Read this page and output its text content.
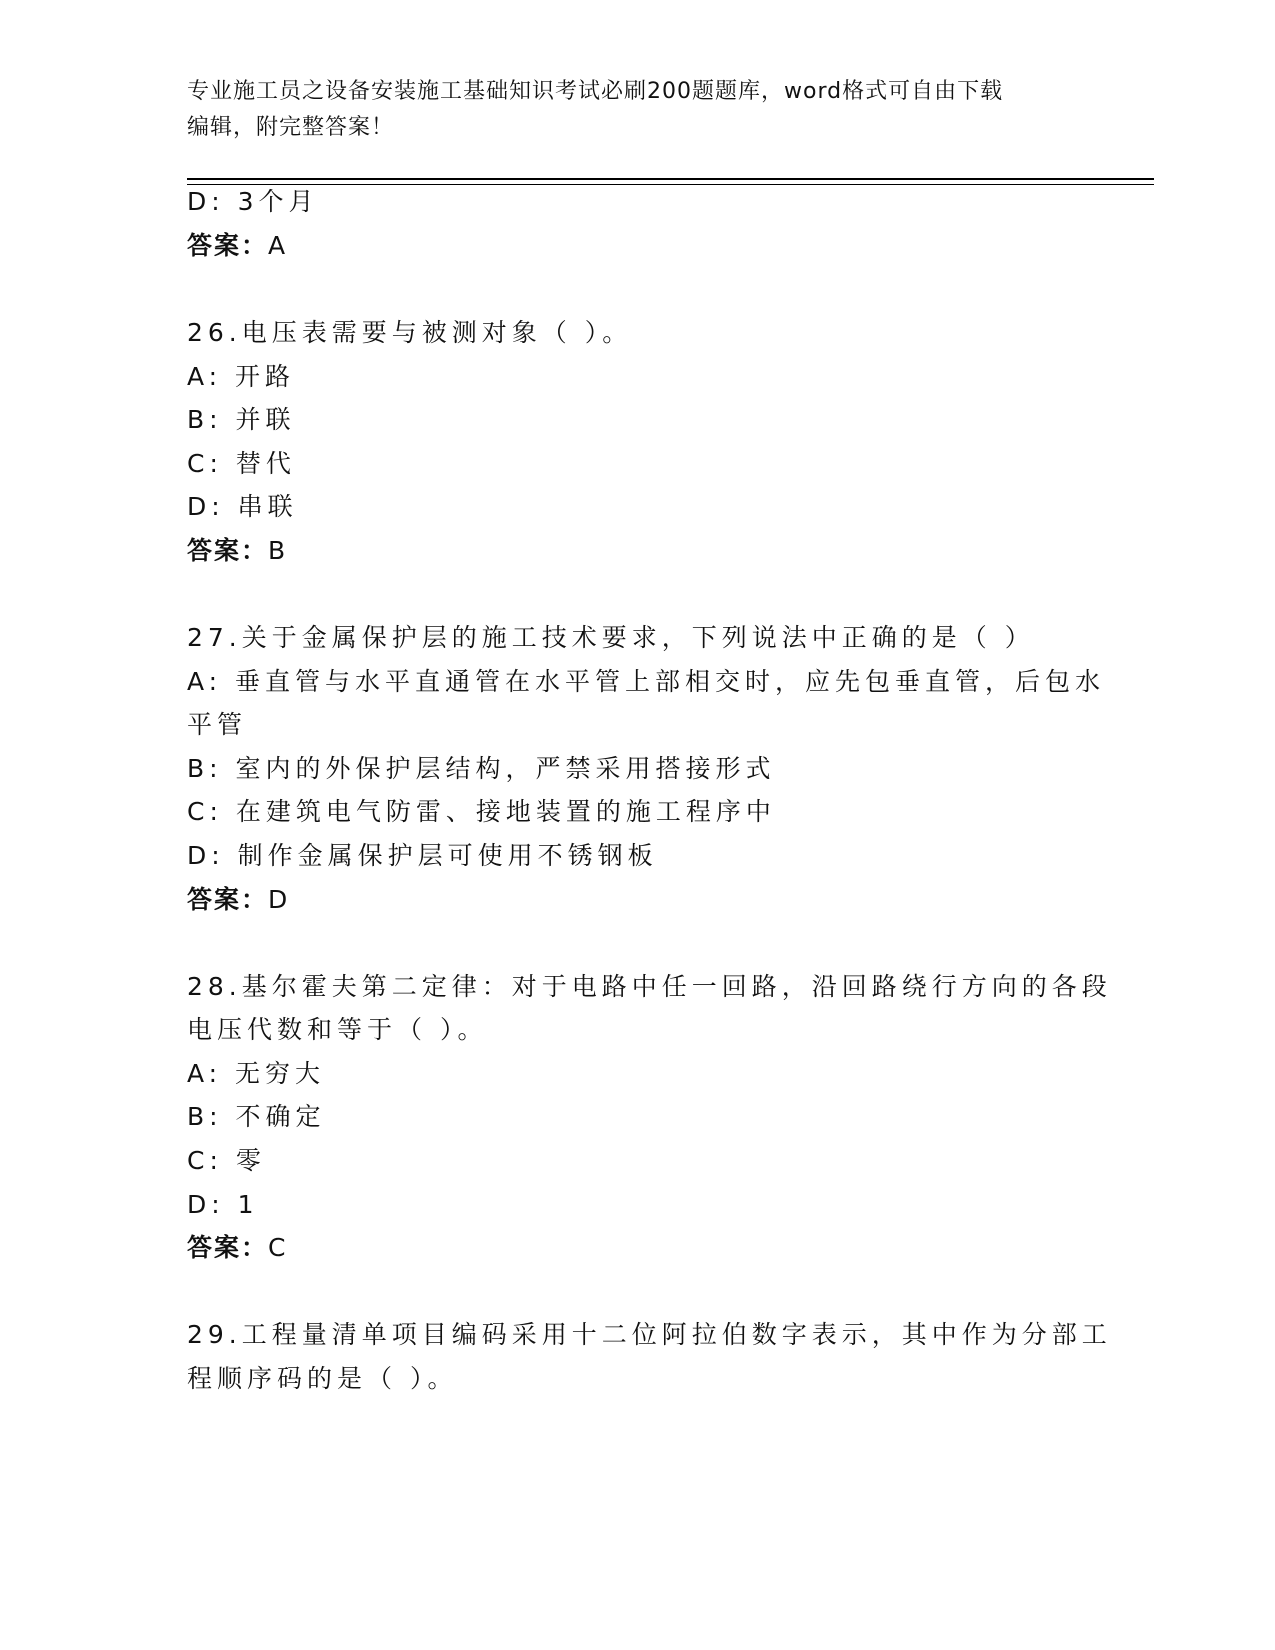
专业施工员之设备安装施工基础知识考试必刷200题题库，word格式可自由下载
编辑，附完整答案！
D: 3个月
答案：A
26.电压表需要与被测对象（ ）。
A: 开路
B: 并联
C: 替代
D: 串联
答案：B
27.关于金属保护层的施工技术要求，下列说法中正确的是（ ）
A: 垂直管与水平直通管在水平管上部相交时，应先包垂直管，后包水
平管
B: 室内的外保护层结构，严禁采用搭接形式
C: 在建筑电气防雷、接地装置的施工程序中
D: 制作金属保护层可使用不锈钢板
答案：D
28.基尔霍夫第二定律：对于电路中任一回路，沿回路绕行方向的各段
电压代数和等于（ ）。
A: 无穷大
B: 不确定
C: 零
D: 1
答案：C
29.工程量清单项目编码采用十二位阿拉伯数字表示，其中作为分部工
程顺序码的是（ ）。
